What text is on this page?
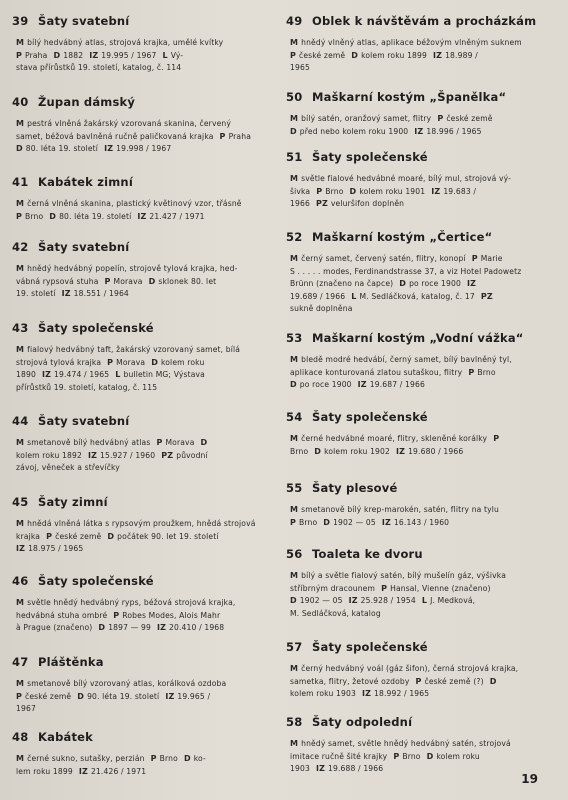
39 Šaty svatební
M bílý hedvábný atlas, strojová krajka, umělé kvítky
P Praha D 1882 IZ 19.995 / 1967 L Vý-
stava přírůstků 19. století, katalog, č. 114
40 Župan dámský
M pestrá vlněná žakárský vzorovaná skanina, červený
samet, béžová bavlněná ručně paličkovaná krajka P Praha
D 80. léta 19. století IZ 19.998 / 1967
41 Kabátek zimní
M černá vlněná skanina, plastický květinový vzor, třásně
P Brno D 80. léta 19. století IZ 21.427 / 1971
42 Šaty svatební
M hnědý hedvábný popelín, strojově tylová krajka, hed-
vábná rypsová stuha P Morava D sklonek 80. let
19. století IZ 18.551 / 1964
43 Šaty společenské
M fialový hedvábný taft, žakárský vzorovaný samet, bílá
strojová tylová krajka P Morava D kolem roku
1890 IZ 19.474 / 1965 L bulletin MG; Výstava
přírůstků 19. století, katalog, č. 115
44 Šaty svatební
M smetanově bílý hedvábný atlas P Morava D
kolem roku 1892 IZ 15.927 / 1960 PZ původní
závoj, věneček a střevíčky
45 Šaty zimní
M hnědá vlněná látka s rypsovým proužkem, hnědá strojová
krajka P české země D počátek 90. let 19. století
IZ 18.975 / 1965
46 Šaty společenské
M světle hnědý hedvábný ryps, béžová strojová krajka,
hedvábná stuha ombré P Robes Modes, Alois Mahr
à Prague (značeno) D 1897 — 99 IZ 20.410 / 1968
47 Pláštěnka
M smetanově bílý vzorovaný atlas, korálková ozdoba
P české země D 90. léta 19. století IZ 19.965 /
1967
48 Kabátek
M černé sukno, sutašky, perzián P Brno D ko-
lem roku 1899 IZ 21.426 / 1971
49 Oblek k návštěvám a procházkám
M hnědý vlněný atlas, aplikace béžovým vlněným suknem
P české země D kolem roku 1899 IZ 18.989 /
1965
50 Maškarní kostým „Španělka“
M bílý satén, oranžový samet, flitry P české země
D před nebo kolem roku 1900 IZ 18.996 / 1965
51 Šaty společenské
M světle fialové hedvábné moaré, bílý mul, strojová vý-
šivka P Brno D kolem roku 1901 IZ 19.683 /
1966 PZ veluršifon doplněn
52 Maškarní kostým „Čertice“
M černý samet, červený satén, flitry, konopí P Marie
S . . . . . modes, Ferdinandstrasse 37, a viz Hotel Padowetz
Brünn (značeno na čapce) D po roce 1900 IZ
19.689 / 1966 L M. Sedláčková, katalog, č. 17 PZ
sukně doplněna
53 Maškarní kostým „Vodní vážka“
M bledě modré hedvábí, černý samet, bílý bavlněný tyl,
aplikace konturovaná zlatou sutaškou, flitry P Brno
D po roce 1900 IZ 19.687 / 1966
54 Šaty společenské
M černé hedvábné moaré, flitry, skleněné korálky P
Brno D kolem roku 1902 IZ 19.680 / 1966
55 Šaty plesové
M smetanově bílý krep-marokén, satén, flitry na tylu
P Brno D 1902 — 05 IZ 16.143 / 1960
56 Toaleta ke dvoru
M bílý a světle fialový satén, bílý mušelín gáz, výšivka
stříbrným dracounem P Hansal, Vienne (značeno)
D 1902 — 05 IZ 25.928 / 1954 L J. Medková,
M. Sedláčková, katalog
57 Šaty společenské
M černý hedvábný voál (gáz šifon), černá strojová krajka,
sametka, flitry, žetové ozdoby P české země (?) D
kolem roku 1903 IZ 18.992 / 1965
58 Šaty odpolední
M hnědý samet, světle hnědý hedvábný satén, strojová
imitace ručně šité krajky P Brno D kolem roku
1903 IZ 19.688 / 1966
19
